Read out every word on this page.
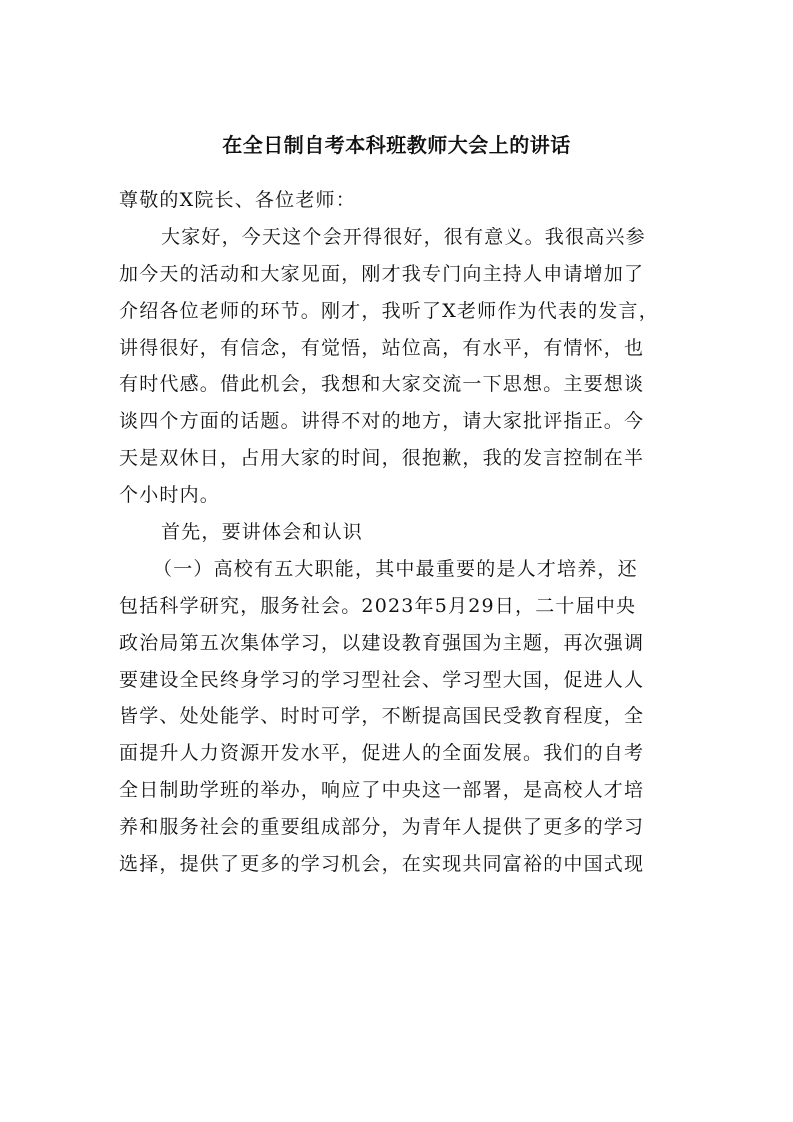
在全日制自考本科班教师大会上的讲话
尊敬的X院长、各位老师：
大家好，今天这个会开得很好，很有意义。我很高兴参
加今天的活动和大家见面，刚才我专门向主持人申请增加了
介绍各位老师的环节。刚才，我听了X老师作为代表的发言，
讲得很好，有信念，有觉悟，站位高，有水平，有情怀，也
有时代感。借此机会，我想和大家交流一下思想。主要想谈
谈四个方面的话题。讲得不对的地方，请大家批评指正。今
天是双休日，占用大家的时间，很抱歉，我的发言控制在半
个小时内。
首先，要讲体会和认识
（一）高校有五大职能，其中最重要的是人才培养，还
包括科学研究，服务社会。2023年5月29日，二十届中央
政治局第五次集体学习，以建设教育强国为主题，再次强调
要建设全民终身学习的学习型社会、学习型大国，促进人人
皆学、处处能学、时时可学，不断提高国民受教育程度，全
面提升人力资源开发水平，促进人的全面发展。我们的自考
全日制助学班的举办，响应了中央这一部署，是高校人才培
养和服务社会的重要组成部分，为青年人提供了更多的学习
选择，提供了更多的学习机会，在实现共同富裕的中国式现
